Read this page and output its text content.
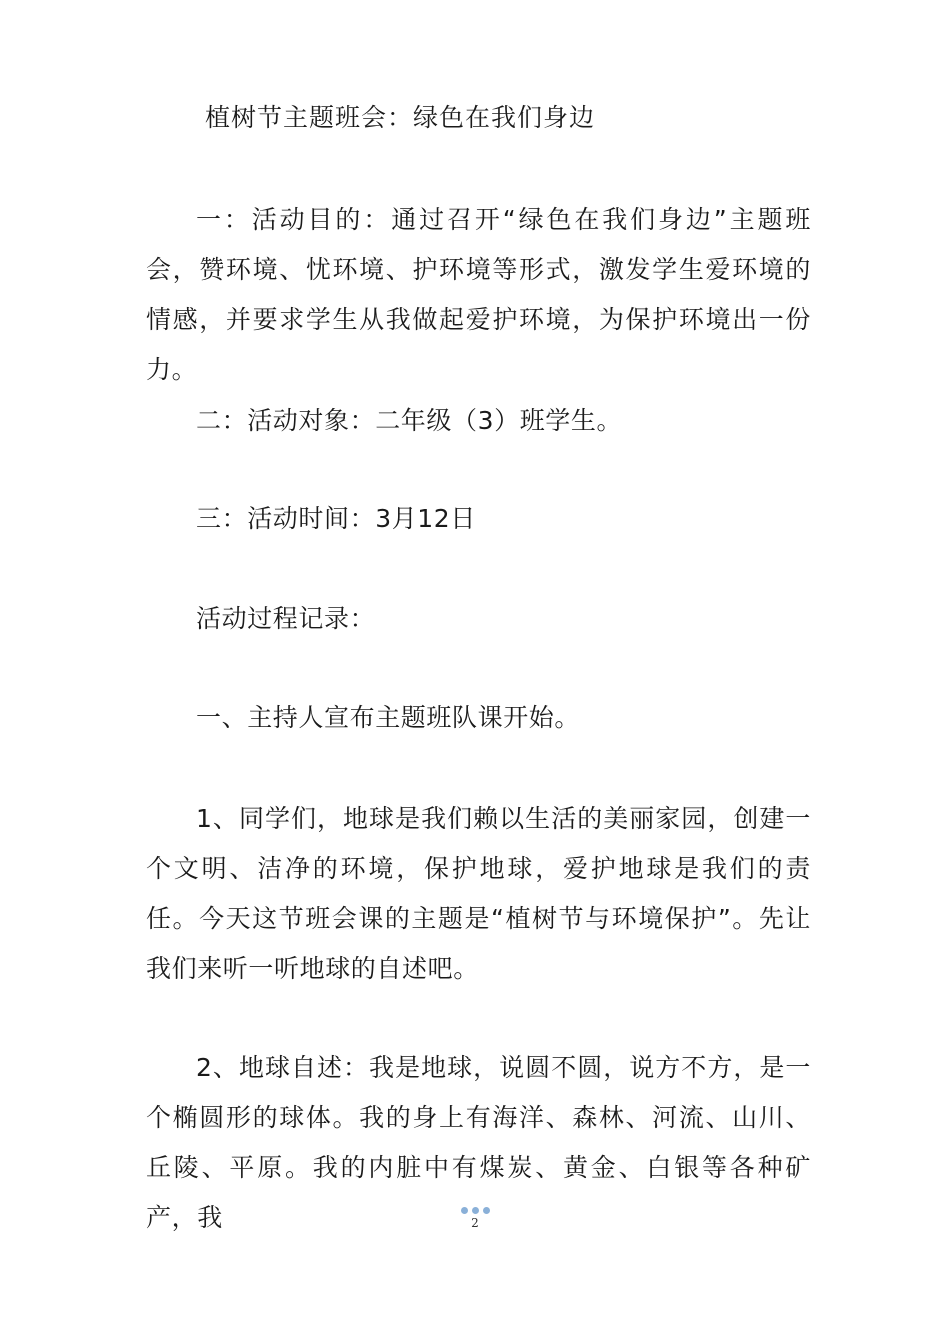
植树节主题班会：绿色在我们身边

一：活动目的：通过召开“绿色在我们身边”主题班会，赞环境、忧环境、护环境等形式，激发学生爱环境的情感，并要求学生从我做起爱护环境，为保护环境出一份力。

二：活动对象：二年级（3）班学生。

三：活动时间：3月12日

活动过程记录：

一、主持人宣布主题班队课开始。

1、同学们，地球是我们赖以生活的美丽家园，创建一个文明、洁净的环境，保护地球，爱护地球是我们的责任。今天这节班会课的主题是“植树节与环境保护”。先让我们来听一听地球的自述吧。

2、地球自述：我是地球，说圆不圆，说方不方，是一个椭圆形的球体。我的身上有海洋、森林、河流、山川、丘陵、平原。我的内脏中有煤炭、黄金、白银等各种矿产，我	2
